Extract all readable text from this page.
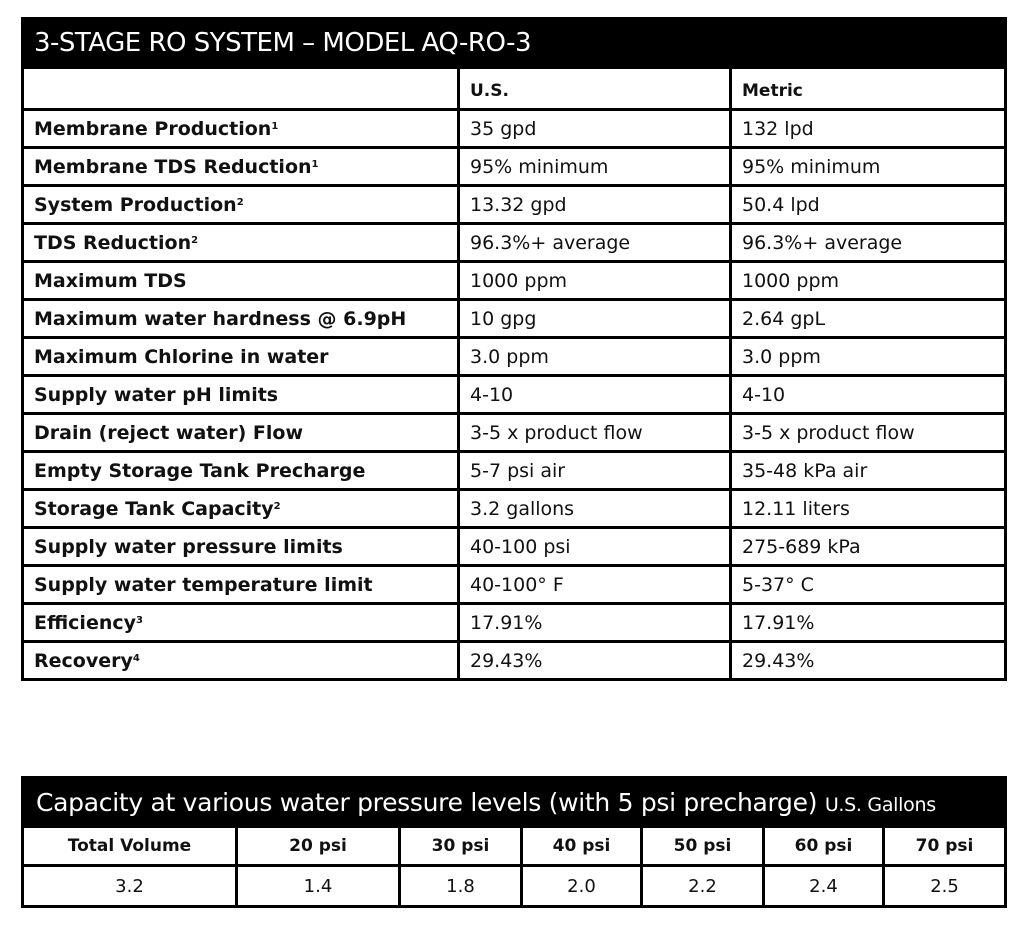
3-STAGE RO SYSTEM – MODEL AQ-RO-3		
	U.S.	Metric
Membrane Production$^1$	35 gpd	132 lpd
Membrane TDS Reduction$^1$	95% minimum	95% minimum
System Production$^2$	13.32 gpd	50.4 lpd
TDS Reduction$^2$	96.3%+ average	96.3%+ average
Maximum TDS	1000 ppm	1000 ppm
Maximum water hardness @ 6.9pH	10 gpg	2.64 gpL
Maximum Chlorine in water	3.0 ppm	3.0 ppm
Supply water pH limits	4-10	4-10
Drain (reject water) Flow	3-5 x product flow	3-5 x product flow
Empty Storage Tank Precharge	5-7 psi air	35-48 kPa air
Storage Tank Capacity$^2$	3.2 gallons	12.11 liters
Supply water pressure limits	40-100 psi	275-689 kPa
Supply water temperature limit	40-100° F	5-37° C
Efficiency$^3$	17.91%	17.91%
Recovery$^4$	29.43%	29.43%
Capacity at various water pressure levels (with 5 psi precharge) U.S. Gallons						
Total Volume	20 psi	30 psi	40 psi	50 psi	60 psi	70 psi
3.2	1.4	1.8	2.0	2.2	2.4	2.5
